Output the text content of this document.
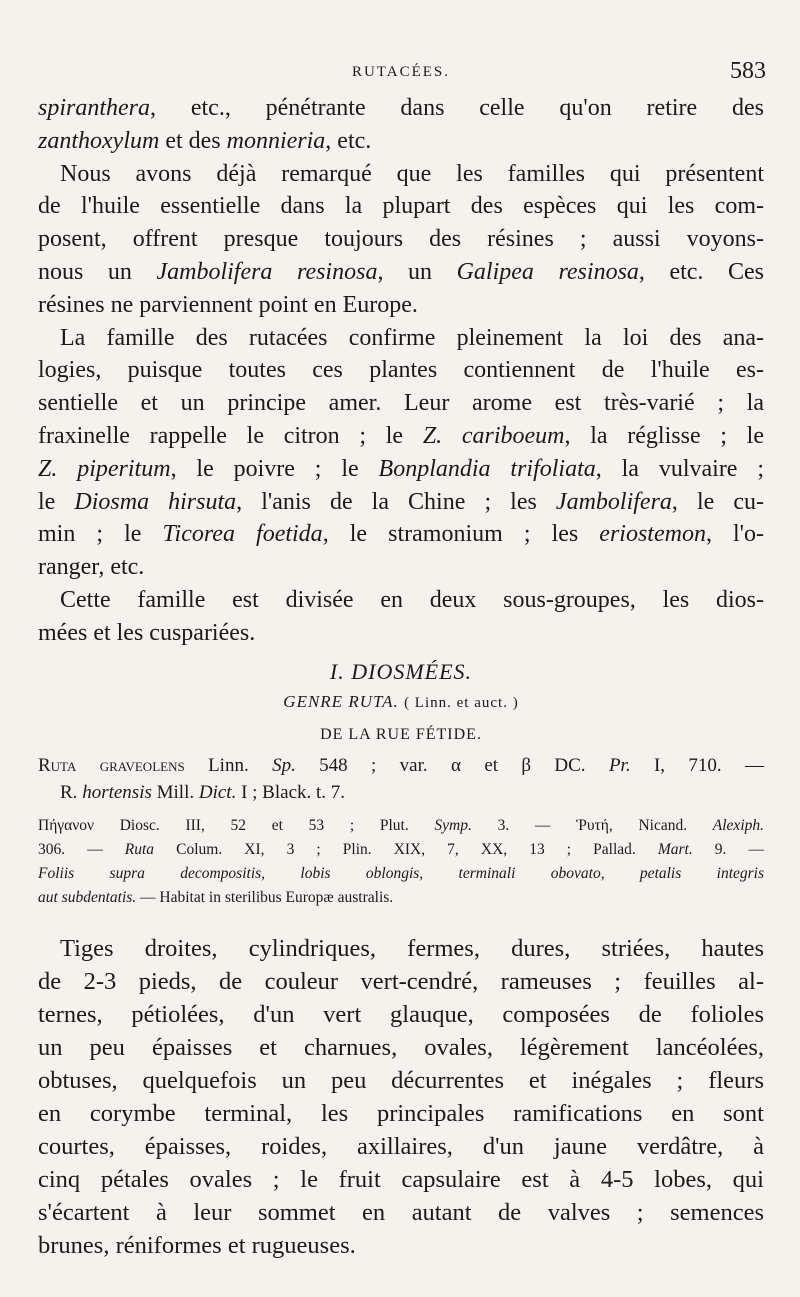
RUTACÉES.	583
spiranthera, etc., pénétrante dans celle qu'on retire des
zanthoxylum et des monnieria, etc.
Nous avons déjà remarqué que les familles qui présentent
de l'huile essentielle dans la plupart des espèces qui les com-
posent, offrent presque toujours des résines ; aussi voyons-
nous un Jambolifera resinosa, un Galipea resinosa, etc. Ces
résines ne parviennent point en Europe.
La famille des rutacées confirme pleinement la loi des ana-
logies, puisque toutes ces plantes contiennent de l'huile es-
sentielle et un principe amer. Leur arome est très-varié ; la
fraxinelle rappelle le citron ; le Z. cariboeum, la réglisse ; le
Z. piperitum, le poivre ; le Bonplandia trifoliata, la vulvaire ;
le Diosma hirsuta, l'anis de la Chine ; les Jambolifera, le cu-
min ; le Ticorea foetida, le stramonium ; les eriostemon, l'o-
ranger, etc.
Cette famille est divisée en deux sous-groupes, les dios-
mées et les cuspariées.
I. DIOSMÉES.
GENRE RUTA. ( Linn. et auct. )
DE LA RUE FÉTIDE.
Ruta graveolens Linn. Sp. 548 ; var. α et β DC. Pr. I, 710. —
R. hortensis Mill. Dict. I ; Black. t. 7.
Πήγανον Diosc. III, 52 et 53 ; Plut. Symp. 3. — Ῥυτή, Nicand. Alexiph.
306. — Ruta Colum. XI, 3 ; Plin. XIX, 7, XX, 13 ; Pallad. Mart. 9. —
Foliis supra decompositis, lobis oblongis, terminali obovato, petalis integris
aut subdentatis. — Habitat in sterilibus Europæ australis.
Tiges droites, cylindriques, fermes, dures, striées, hautes
de 2-3 pieds, de couleur vert-cendré, rameuses ; feuilles al-
ternes, pétiolées, d'un vert glauque, composées de folioles
un peu épaisses et charnues, ovales, légèrement lancéolées,
obtuses, quelquefois un peu décurrentes et inégales ; fleurs
en corymbe terminal, les principales ramifications en sont
courtes, épaisses, roides, axillaires, d'un jaune verdâtre, à
cinq pétales ovales ; le fruit capsulaire est à 4-5 lobes, qui
s'écartent à leur sommet en autant de valves ; semences
brunes, réniformes et rugueuses.
